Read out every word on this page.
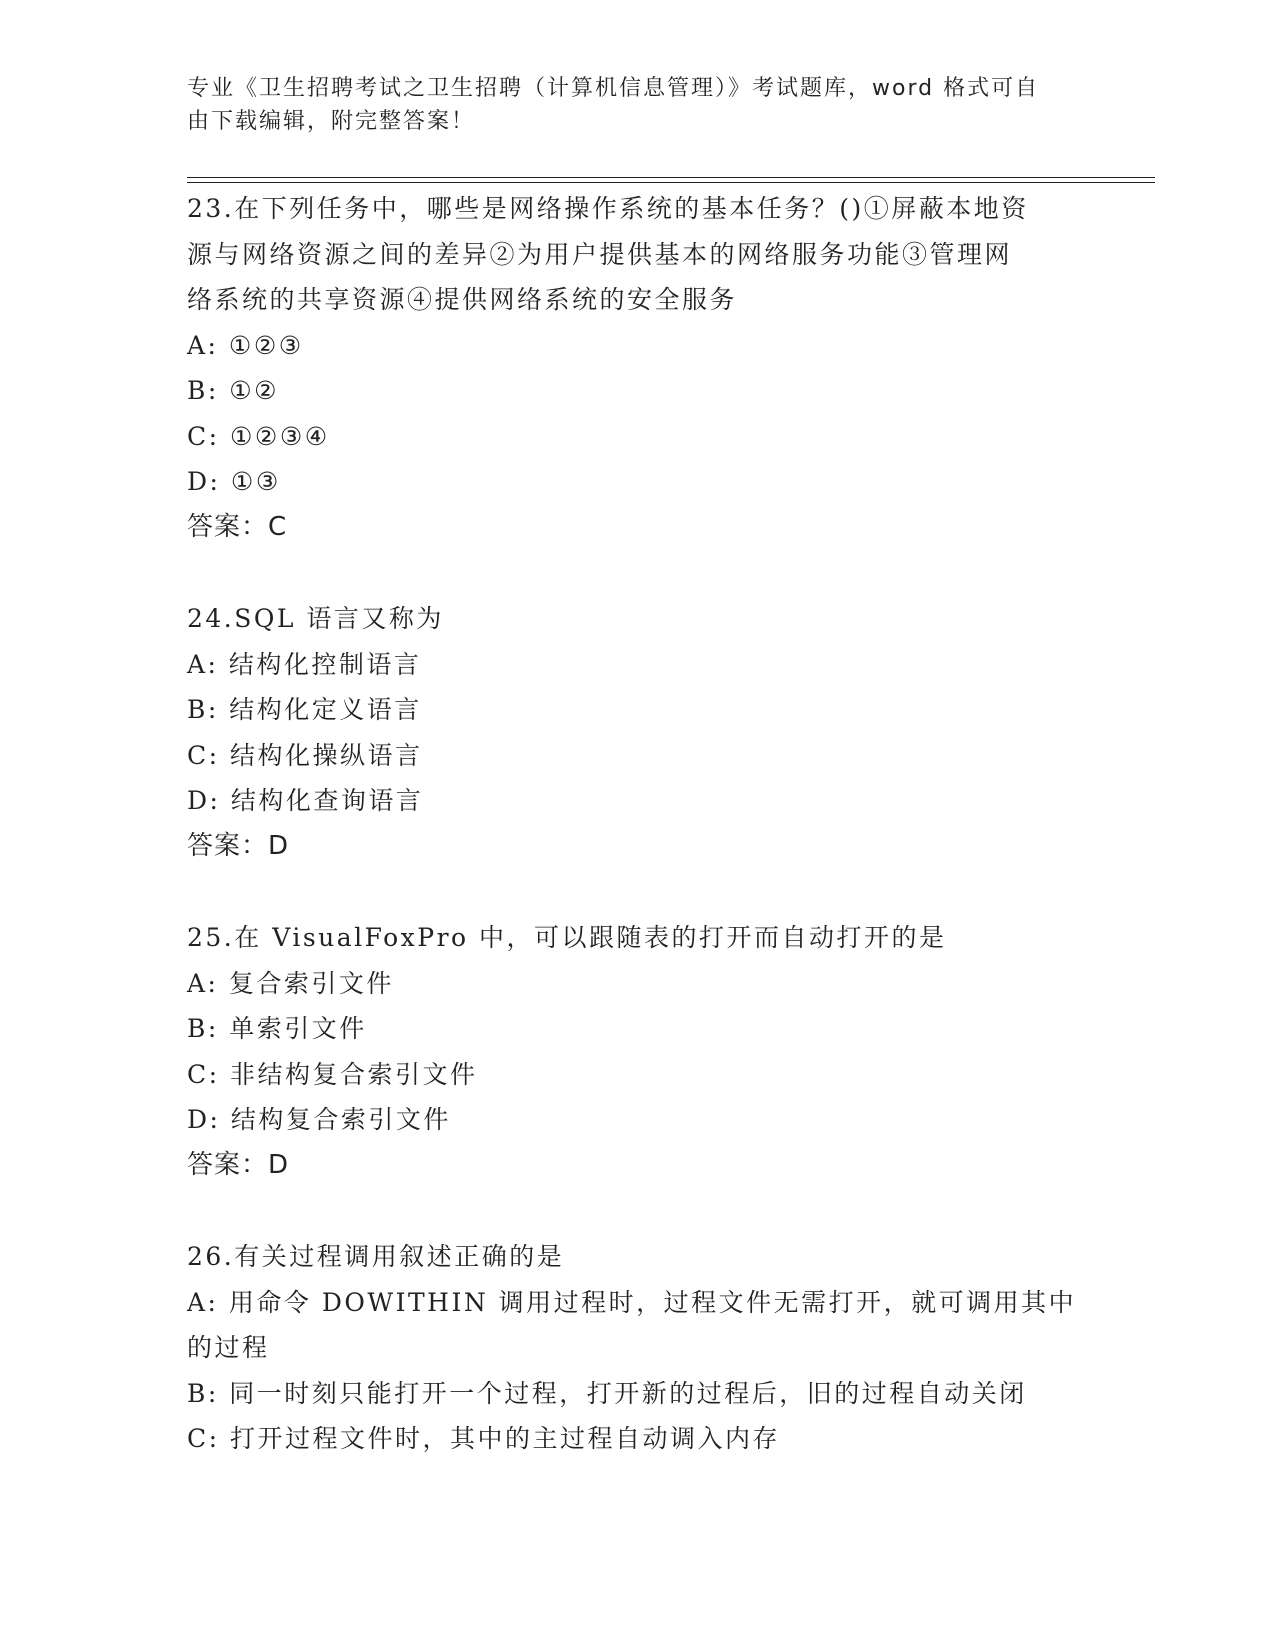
专业《卫生招聘考试之卫生招聘（计算机信息管理）》考试题库，word 格式可自
由下载编辑，附完整答案！
23.在下列任务中，哪些是网络操作系统的基本任务？()①屏蔽本地资
源与网络资源之间的差异②为用户提供基本的网络服务功能③管理网
络系统的共享资源④提供网络系统的安全服务
A: ①②③
B: ①②
C: ①②③④
D: ①③
答案：C
24.SQL 语言又称为
A: 结构化控制语言
B: 结构化定义语言
C: 结构化操纵语言
D: 结构化查询语言
答案：D
25.在 VisualFoxPro 中，可以跟随表的打开而自动打开的是
A: 复合索引文件
B: 单索引文件
C: 非结构复合索引文件
D: 结构复合索引文件
答案：D
26.有关过程调用叙述正确的是
A: 用命令 DOWITHIN 调用过程时，过程文件无需打开，就可调用其中
的过程
B: 同一时刻只能打开一个过程，打开新的过程后，旧的过程自动关闭
C: 打开过程文件时，其中的主过程自动调入内存
